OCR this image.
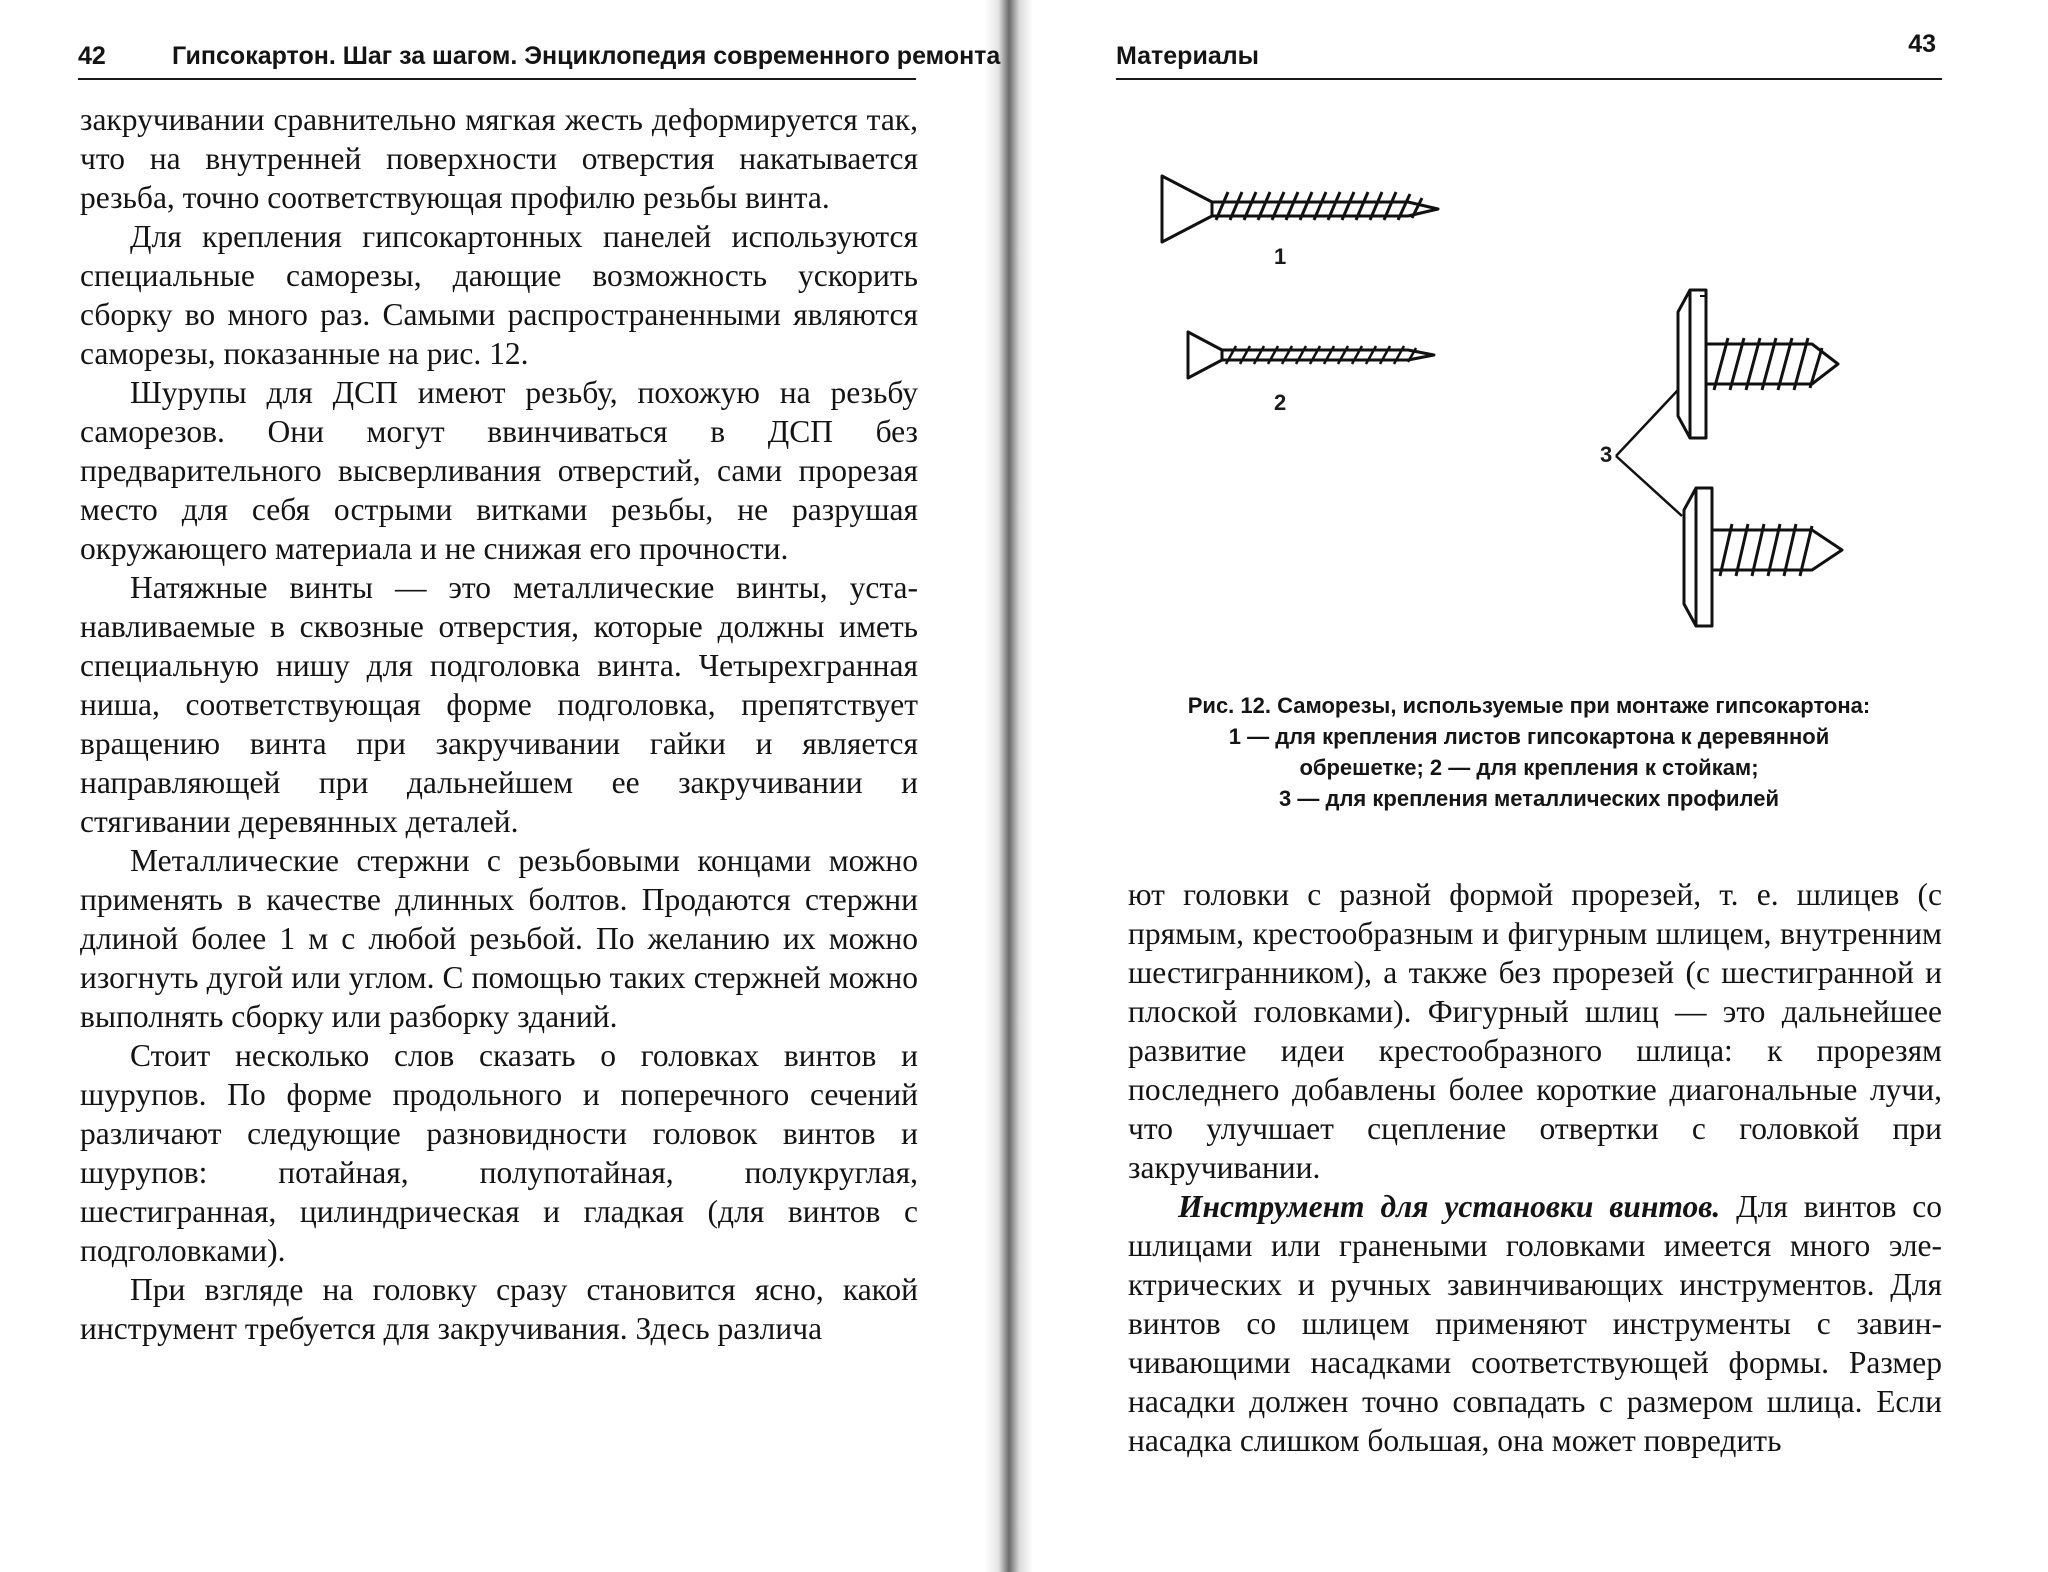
42	Гипсокартон. Шаг за шагом. Энциклопедия современного ремонта

закручивании сравнительно мягкая жесть деформируется так, что на внутренней поверхности отверстия накатывается резьба, точно соответствующая профилю резьбы винта.

Для крепления гипсокартонных панелей используются специальные саморезы, дающие возможность ускорить сборку во много раз. Самыми распространенными являются саморезы, показанные на рис. 12.

Шурупы для ДСП имеют резьбу, похожую на резьбу саморезов. Они могут ввинчиваться в ДСП без предварительного высверливания отверстий, сами прорезая место для себя острыми витками резьбы, не разрушая окружающего материала и не снижая его прочности.

Натяжные винты — это металлические винты, устанавливаемые в сквозные отверстия, которые должны иметь специальную нишу для подголовка винта. Четырехгранная ниша, соответствующая форме подголовка, препятствует вращению винта при закручивании гайки и является направляющей при дальнейшем ее закручивании и стягивании деревянных деталей.

Металлические стержни с резьбовыми концами можно применять в качестве длинных болтов. Продаются стержни длиной более 1 м с любой резьбой. По желанию их можно изогнуть дугой или углом. С помощью таких стержней можно выполнять сборку или разборку зданий.

Стоит несколько слов сказать о головках винтов и шурупов. По форме продольного и поперечного сечений различают следующие разновидности головок винтов и шурупов: потайная, полупотайная, полукруглая, шестигранная, цилиндрическая и гладкая (для винтов с подголовками).

При взгляде на головку сразу становится ясно, какой инструмент требуется для закручивания. Здесь различа

Материалы	43
1
2
3
Рис. 12. Саморезы, используемые при монтаже гипсокартона:
1 — для крепления листов гипсокартона к деревянной
обрешетке; 2 — для крепления к стойкам;
3 — для крепления металлических профилей

ют головки с разной формой прорезей, т. е. шлицев (с прямым, крестообразным и фигурным шлицем, внутренним шестигранником), а также без прорезей (с шестигранной и плоской головками). Фигурный шлиц — это дальнейшее развитие идеи крестообразного шлица: к прорезям последнего добавлены более короткие диагональные лучи, что улучшает сцепление отвертки с головкой при закручивании.

Инструмент для установки винтов. Для винтов со шлицами или гранеными головками имеется много электрических и ручных завинчивающих инструментов. Для винтов со шлицем применяют инструменты с завинчивающими насадками соответствующей формы. Размер насадки должен точно совпадать с размером шлица. Если насадка слишком большая, она может повредить
